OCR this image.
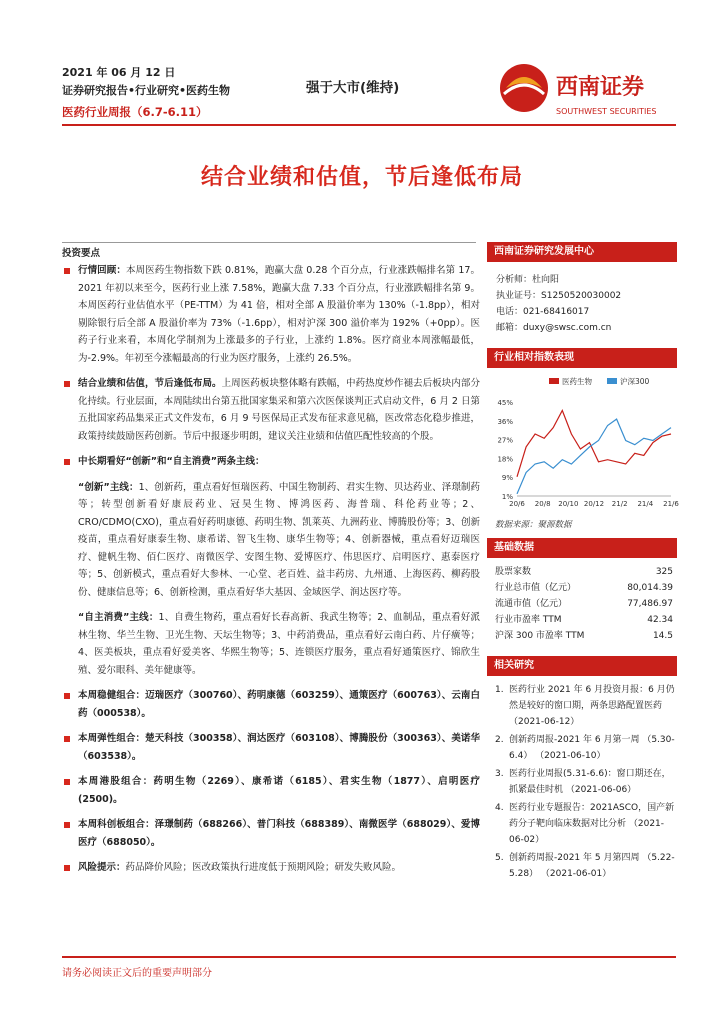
2021 年 06 月 12 日
证券研究报告•行业研究•医药生物
医药行业周报（6.7-6.11）
强于大市(维持)	西南证券
SOUTHWEST SECURITIES
结合业绩和估值，节后逢低布局
投资要点

行情回顾：本周医药生物指数下跌 0.81%，跑赢大盘 0.28 个百分点，行业涨跌幅排名第 17。2021 年初以来至今，医药行业上涨 7.58%，跑赢大盘 7.33 个百分点，行业涨跌幅排名第 9。本周医药行业估值水平（PE-TTM）为 41 倍，相对全部 A 股溢价率为 130%（-1.8pp），相对剔除银行后全部 A 股溢价率为 73%（-1.6pp），相对沪深 300 溢价率为 192%（+0pp）。医药子行业来看，本周化学制剂为上涨最多的子行业，上涨约 1.8%。医疗商业本周涨幅最低，为-2.9%。年初至今涨幅最高的行业为医疗服务，上涨约 26.5%。

结合业绩和估值，节后逢低布局。上周医药板块整体略有跌幅，中药热度炒作褪去后板块内部分化持续。行业层面，本周陆续出台第五批国家集采和第六次医保谈判正式启动文件，6 月 2 日第五批国家药品集采正式文件发布，6 月 9 号医保局正式发布征求意见稿，医改常态化稳步推进，政策持续鼓励医药创新。节后中报逐步明朗，建议关注业绩和估值匹配性较高的个股。

中长期看好“创新”和“自主消费”两条主线：

“创新”主线：1、创新药，重点看好恒瑞医药、中国生物制药、君实生物、贝达药业、泽璟制药等；转型创新看好康辰药业、冠昊生物、博鸿医药、海普瑞、科伦药业等；2、CRO/CDMO(CXO)，重点看好药明康德、药明生物、凯莱英、九洲药业、博腾股份等；3、创新疫苗，重点看好康泰生物、康希诺、智飞生物、康华生物等；4、创新器械，重点看好迈瑞医疗、健帆生物、佰仁医疗、南微医学、安图生物、爱博医疗、伟思医疗、启明医疗、惠泰医疗等；5、创新模式，重点看好大参林、一心堂、老百姓、益丰药房、九州通、上海医药、柳药股份、健康信息等；6、创新检测，重点看好华大基因、金域医学、润达医疗等。
“自主消费”主线：1、自费生物药，重点看好长春高新、我武生物等；2、血制品，重点看好派林生物、华兰生物、卫光生物、天坛生物等；3、中药消费品，重点看好云南白药、片仔癀等；4、医美板块，重点看好爱美客、华熙生物等；5、连锁医疗服务，重点看好通策医疗、锦欣生殖、爱尔眼科、美年健康等。

本周稳健组合：迈瑞医疗（300760）、药明康德（603259）、通策医疗（600763）、云南白药（000538）。

本周弹性组合：楚天科技（300358）、润达医疗（603108）、博腾股份（300363）、美诺华（603538）。

本周港股组合：药明生物（2269）、康希诺（6185）、君实生物（1877）、启明医疗(2500)。

本周科创板组合：泽璟制药（688266）、普门科技（688389）、南微医学（688029）、爱博医疗（688050）。

风险提示：药品降价风险；医改政策执行进度低于预期风险；研发失败风险。

西南证券研究发展中心
分析师：杜向阳
执业证号：S1250520030002
电话：021-68416017
邮箱：duxy@swsc.com.cn
行业相对指数表现
45%
36%
27%
18%
9%
1%
20/6 20/8 20/10 20/12 21/2 21/4 21/6
医药生物	沪深300
数据来源：聚源数据
基础数据
股票家数	325
行业总市值（亿元）	80,014.39
流通市值（亿元）	77,486.97
行业市盈率 TTM	42.34
沪深 300 市盈率 TTM	14.5
相关研究
1. 医药行业 2021 年 6 月投资月报：6 月仍然是较好的窗口期，两条思路配置医药 （2021-06-12）
2. 创新药周报-2021 年 6 月第一周 （5.30-6.4） （2021-06-10）
3. 医药行业周报(5.31-6.6)：窗口期还在，抓紧最佳时机 （2021-06-06）
4. 医药行业专题报告：2021ASCO，国产新药分子靶向临床数据对比分析 （2021-06-02）
5. 创新药周报-2021 年 5 月第四周 （5.22-5.28） （2021-06-01）
请务必阅读正文后的重要声明部分
